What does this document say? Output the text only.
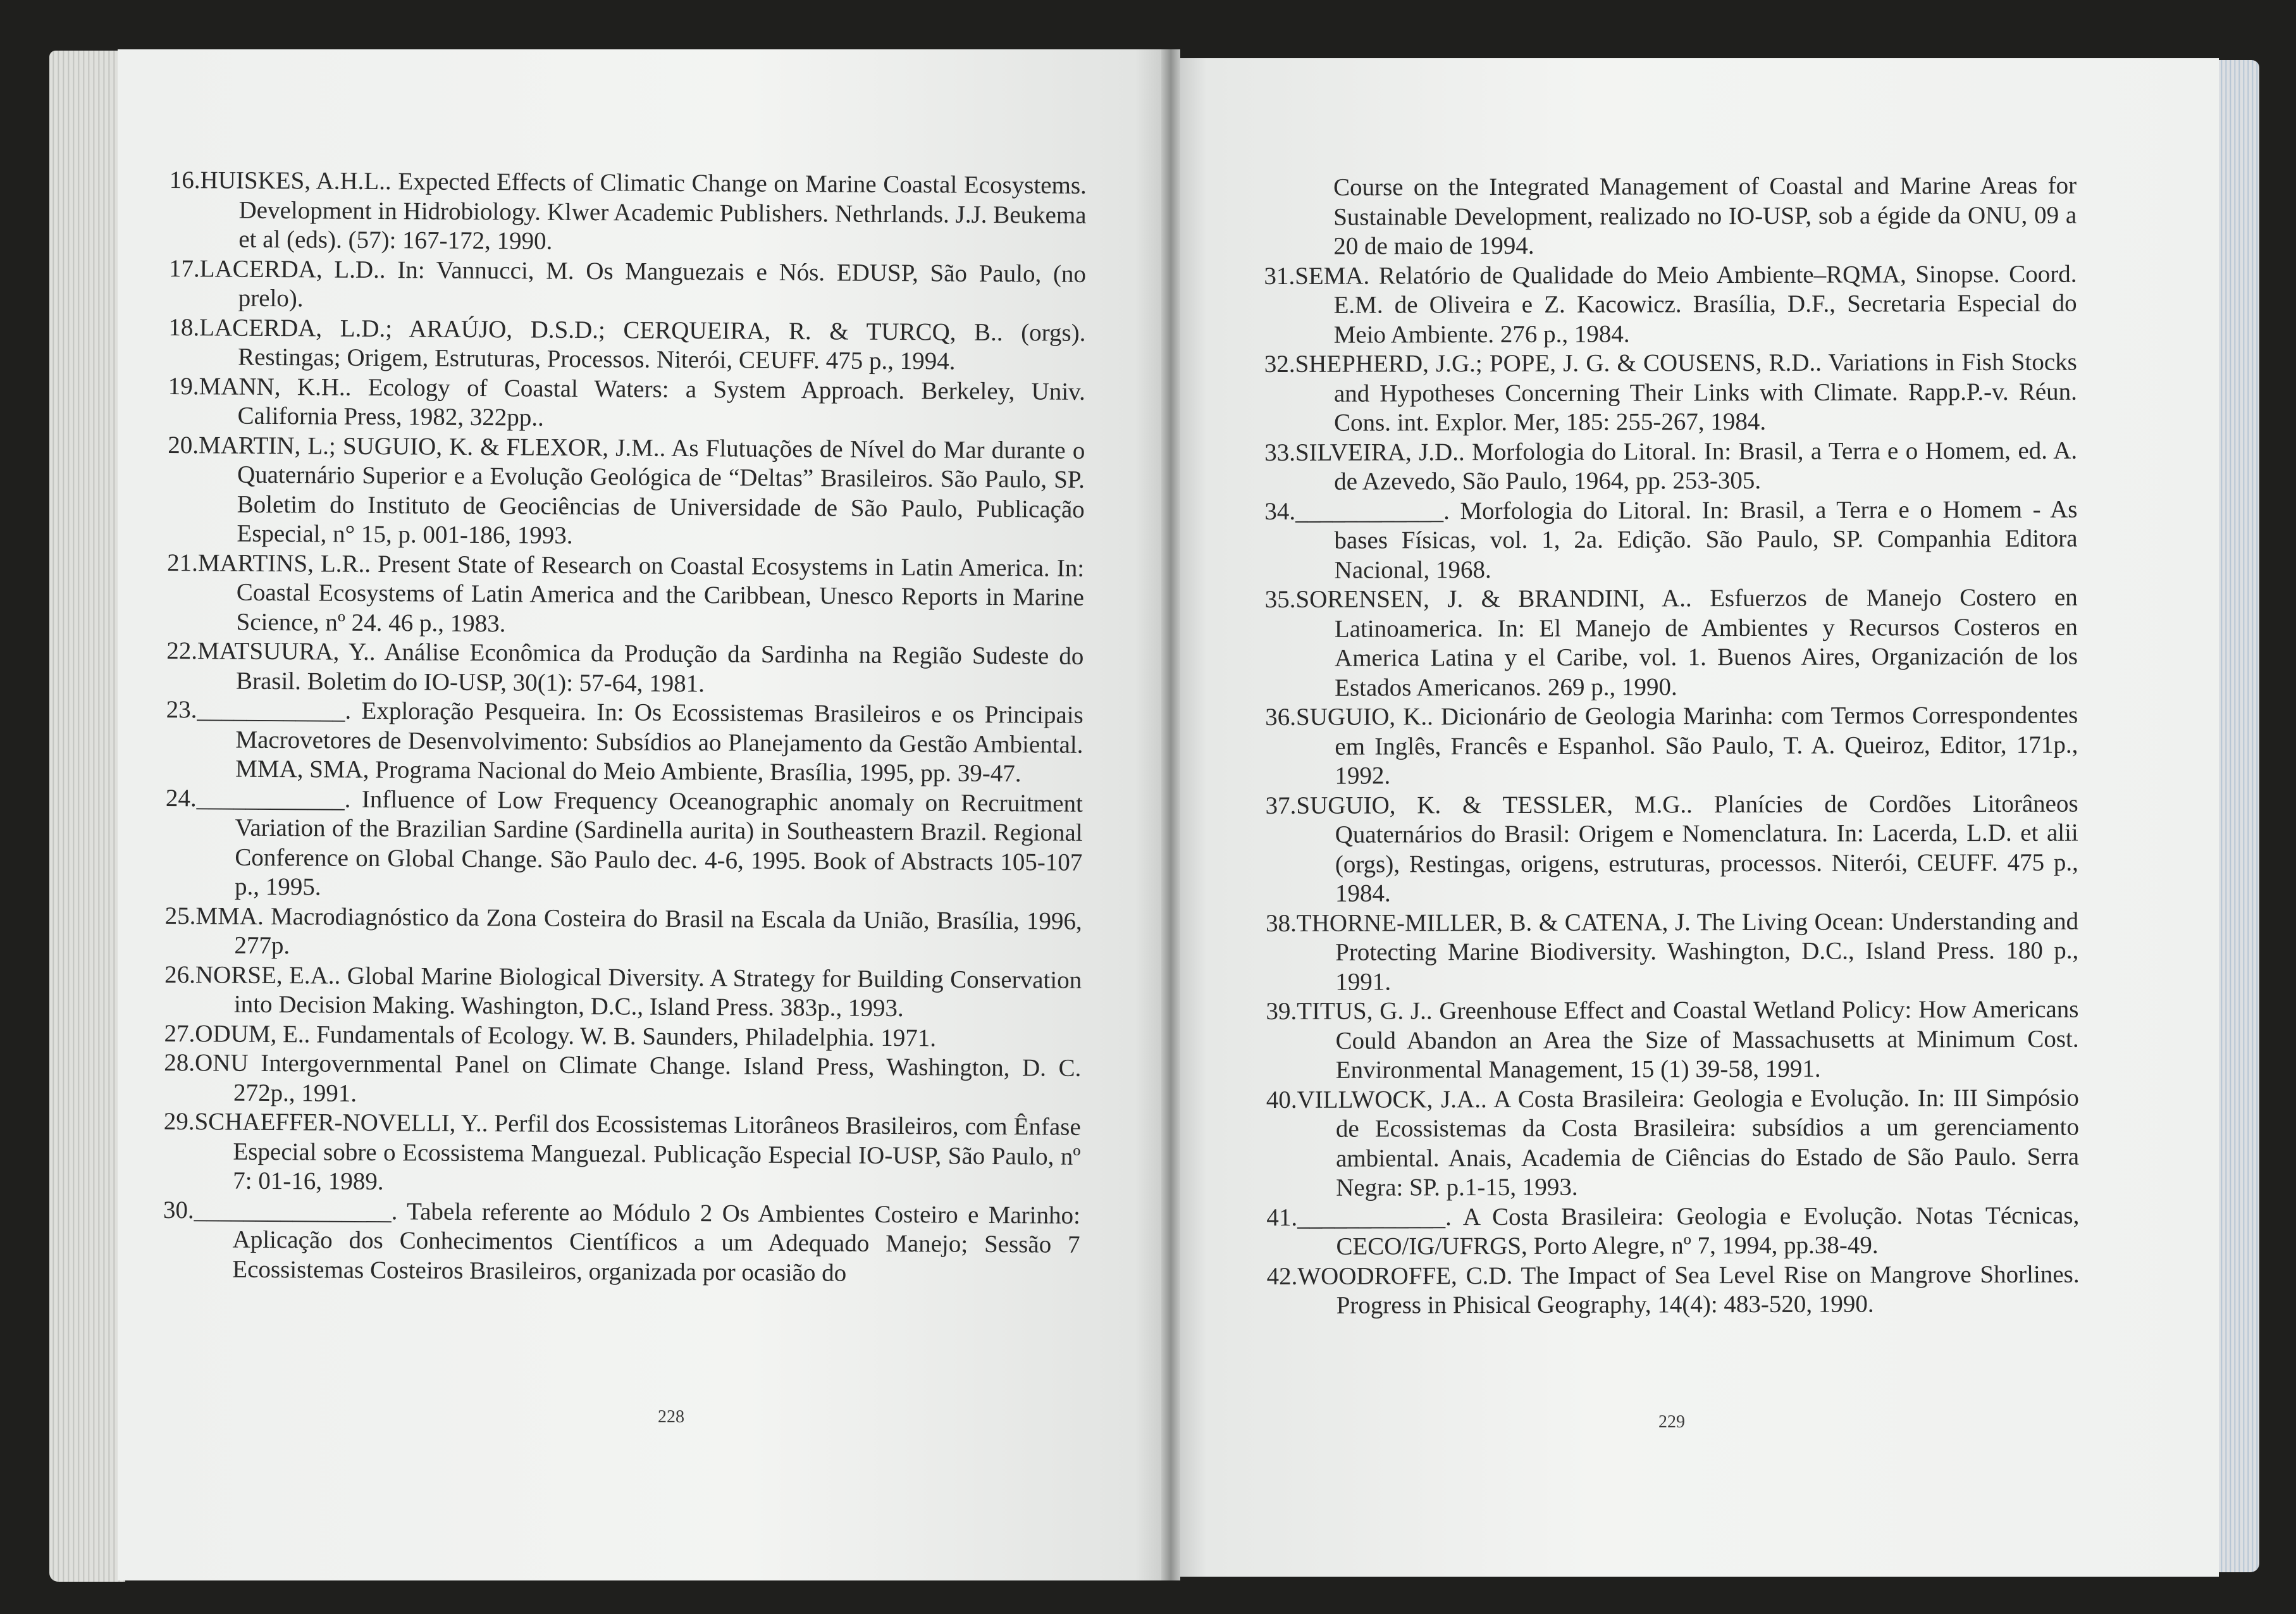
16.HUISKES, A.H.L.. Expected Effects of Climatic Change on Marine Coastal Ecosystems. Development in Hidrobiology. Klwer Academic Publishers. Nethrlands. J.J. Beukema et al (eds). (57): 167-172, 1990.
17.LACERDA, L.D.. In: Vannucci, M. Os Manguezais e Nós. EDUSP, São Paulo, (no prelo).
18.LACERDA, L.D.; ARAÚJO, D.S.D.; CERQUEIRA, R. & TURCQ, B.. (orgs). Restingas; Origem, Estruturas, Processos. Niterói, CEUFF. 475 p., 1994.
19.MANN, K.H.. Ecology of Coastal Waters: a System Approach. Berkeley, Univ. California Press, 1982, 322pp..
20.MARTIN, L.; SUGUIO, K. & FLEXOR, J.M.. As Flutuações de Nível do Mar durante o Quaternário Superior e a Evolução Geológica de “Deltas” Brasileiros. São Paulo, SP. Boletim do Instituto de Geociências de Universidade de São Paulo, Publicação Especial, n° 15, p. 001-186, 1993.
21.MARTINS, L.R.. Present State of Research on Coastal Ecosystems in Latin America. In: Coastal Ecosystems of Latin America and the Caribbean, Unesco Reports in Marine Science, nº 24. 46 p., 1983.
22.MATSUURA, Y.. Análise Econômica da Produção da Sardinha na Região Sudeste do Brasil. Boletim do IO-USP, 30(1): 57-64, 1981.
23.____________. Exploração Pesqueira. In: Os Ecossistemas Brasileiros e os Principais Macrovetores de Desenvolvimento: Subsídios ao Planejamento da Gestão Ambiental. MMA, SMA, Programa Nacional do Meio Ambiente, Brasília, 1995, pp. 39-47.
24.____________. Influence of Low Frequency Oceanographic anomaly on Recruitment Variation of the Brazilian Sardine (Sardinella aurita) in Southeastern Brazil. Regional Conference on Global Change. São Paulo dec. 4-6, 1995. Book of Abstracts 105-107 p., 1995.
25.MMA. Macrodiagnóstico da Zona Costeira do Brasil na Escala da União, Brasília, 1996, 277p.
26.NORSE, E.A.. Global Marine Biological Diversity. A Strategy for Building Conservation into Decision Making. Washington, D.C., Island Press. 383p., 1993.
27.ODUM, E.. Fundamentals of Ecology. W. B. Saunders, Philadelphia. 1971.
28.ONU Intergovernmental Panel on Climate Change. Island Press, Washington, D. C. 272p., 1991.
29.SCHAEFFER-NOVELLI, Y.. Perfil dos Ecossistemas Litorâneos Brasileiros, com Ênfase Especial sobre o Ecossistema Manguezal. Publicação Especial IO-USP, São Paulo, nº 7: 01-16, 1989.
30.________________. Tabela referente ao Módulo 2 Os Ambientes Costeiro e Marinho: Aplicação dos Conhecimentos Científicos a um Adequado Manejo; Sessão 7 Ecossistemas Costeiros Brasileiros, organizada por ocasião do
228
Course on the Integrated Management of Coastal and Marine Areas for Sustainable Development, realizado no IO-USP, sob a égide da ONU, 09 a 20 de maio de 1994.
31.SEMA. Relatório de Qualidade do Meio Ambiente–RQMA, Sinopse. Coord. E.M. de Oliveira e Z. Kacowicz. Brasília, D.F., Secretaria Especial do Meio Ambiente. 276 p., 1984.
32.SHEPHERD, J.G.; POPE, J. G. & COUSENS, R.D.. Variations in Fish Stocks and Hypotheses Concerning Their Links with Climate. Rapp.P.-v. Réun. Cons. int. Explor. Mer, 185: 255-267, 1984.
33.SILVEIRA, J.D.. Morfologia do Litoral. In: Brasil, a Terra e o Homem, ed. A. de Azevedo, São Paulo, 1964, pp. 253-305.
34.____________. Morfologia do Litoral. In: Brasil, a Terra e o Homem - As bases Físicas, vol. 1, 2a. Edição. São Paulo, SP. Companhia Editora Nacional, 1968.
35.SORENSEN, J. & BRANDINI, A.. Esfuerzos de Manejo Costero en Latinoamerica. In: El Manejo de Ambientes y Recursos Costeros en America Latina y el Caribe, vol. 1. Buenos Aires, Organización de los Estados Americanos. 269 p., 1990.
36.SUGUIO, K.. Dicionário de Geologia Marinha: com Termos Correspondentes em Inglês, Francês e Espanhol. São Paulo, T. A. Queiroz, Editor, 171p., 1992.
37.SUGUIO, K. & TESSLER, M.G.. Planícies de Cordões Litorâneos Quaternários do Brasil: Origem e Nomenclatura. In: Lacerda, L.D. et alii (orgs), Restingas, origens, estruturas, processos. Niterói, CEUFF. 475 p., 1984.
38.THORNE-MILLER, B. & CATENA, J. The Living Ocean: Understanding and Protecting Marine Biodiversity. Washington, D.C., Island Press. 180 p., 1991.
39.TITUS, G. J.. Greenhouse Effect and Coastal Wetland Policy: How Americans Could Abandon an Area the Size of Massachusetts at Minimum Cost. Environmental Management, 15 (1) 39-58, 1991.
40.VILLWOCK, J.A.. A Costa Brasileira: Geologia e Evolução. In: III Simpósio de Ecossistemas da Costa Brasileira: subsídios a um gerenciamento ambiental. Anais, Academia de Ciências do Estado de São Paulo. Serra Negra: SP. p.1-15, 1993.
41.____________. A Costa Brasileira: Geologia e Evolução. Notas Técnicas, CECO/IG/UFRGS, Porto Alegre, nº 7, 1994, pp.38-49.
42.WOODROFFE, C.D. The Impact of Sea Level Rise on Mangrove Shorlines. Progress in Phisical Geography, 14(4): 483-520, 1990.
229
